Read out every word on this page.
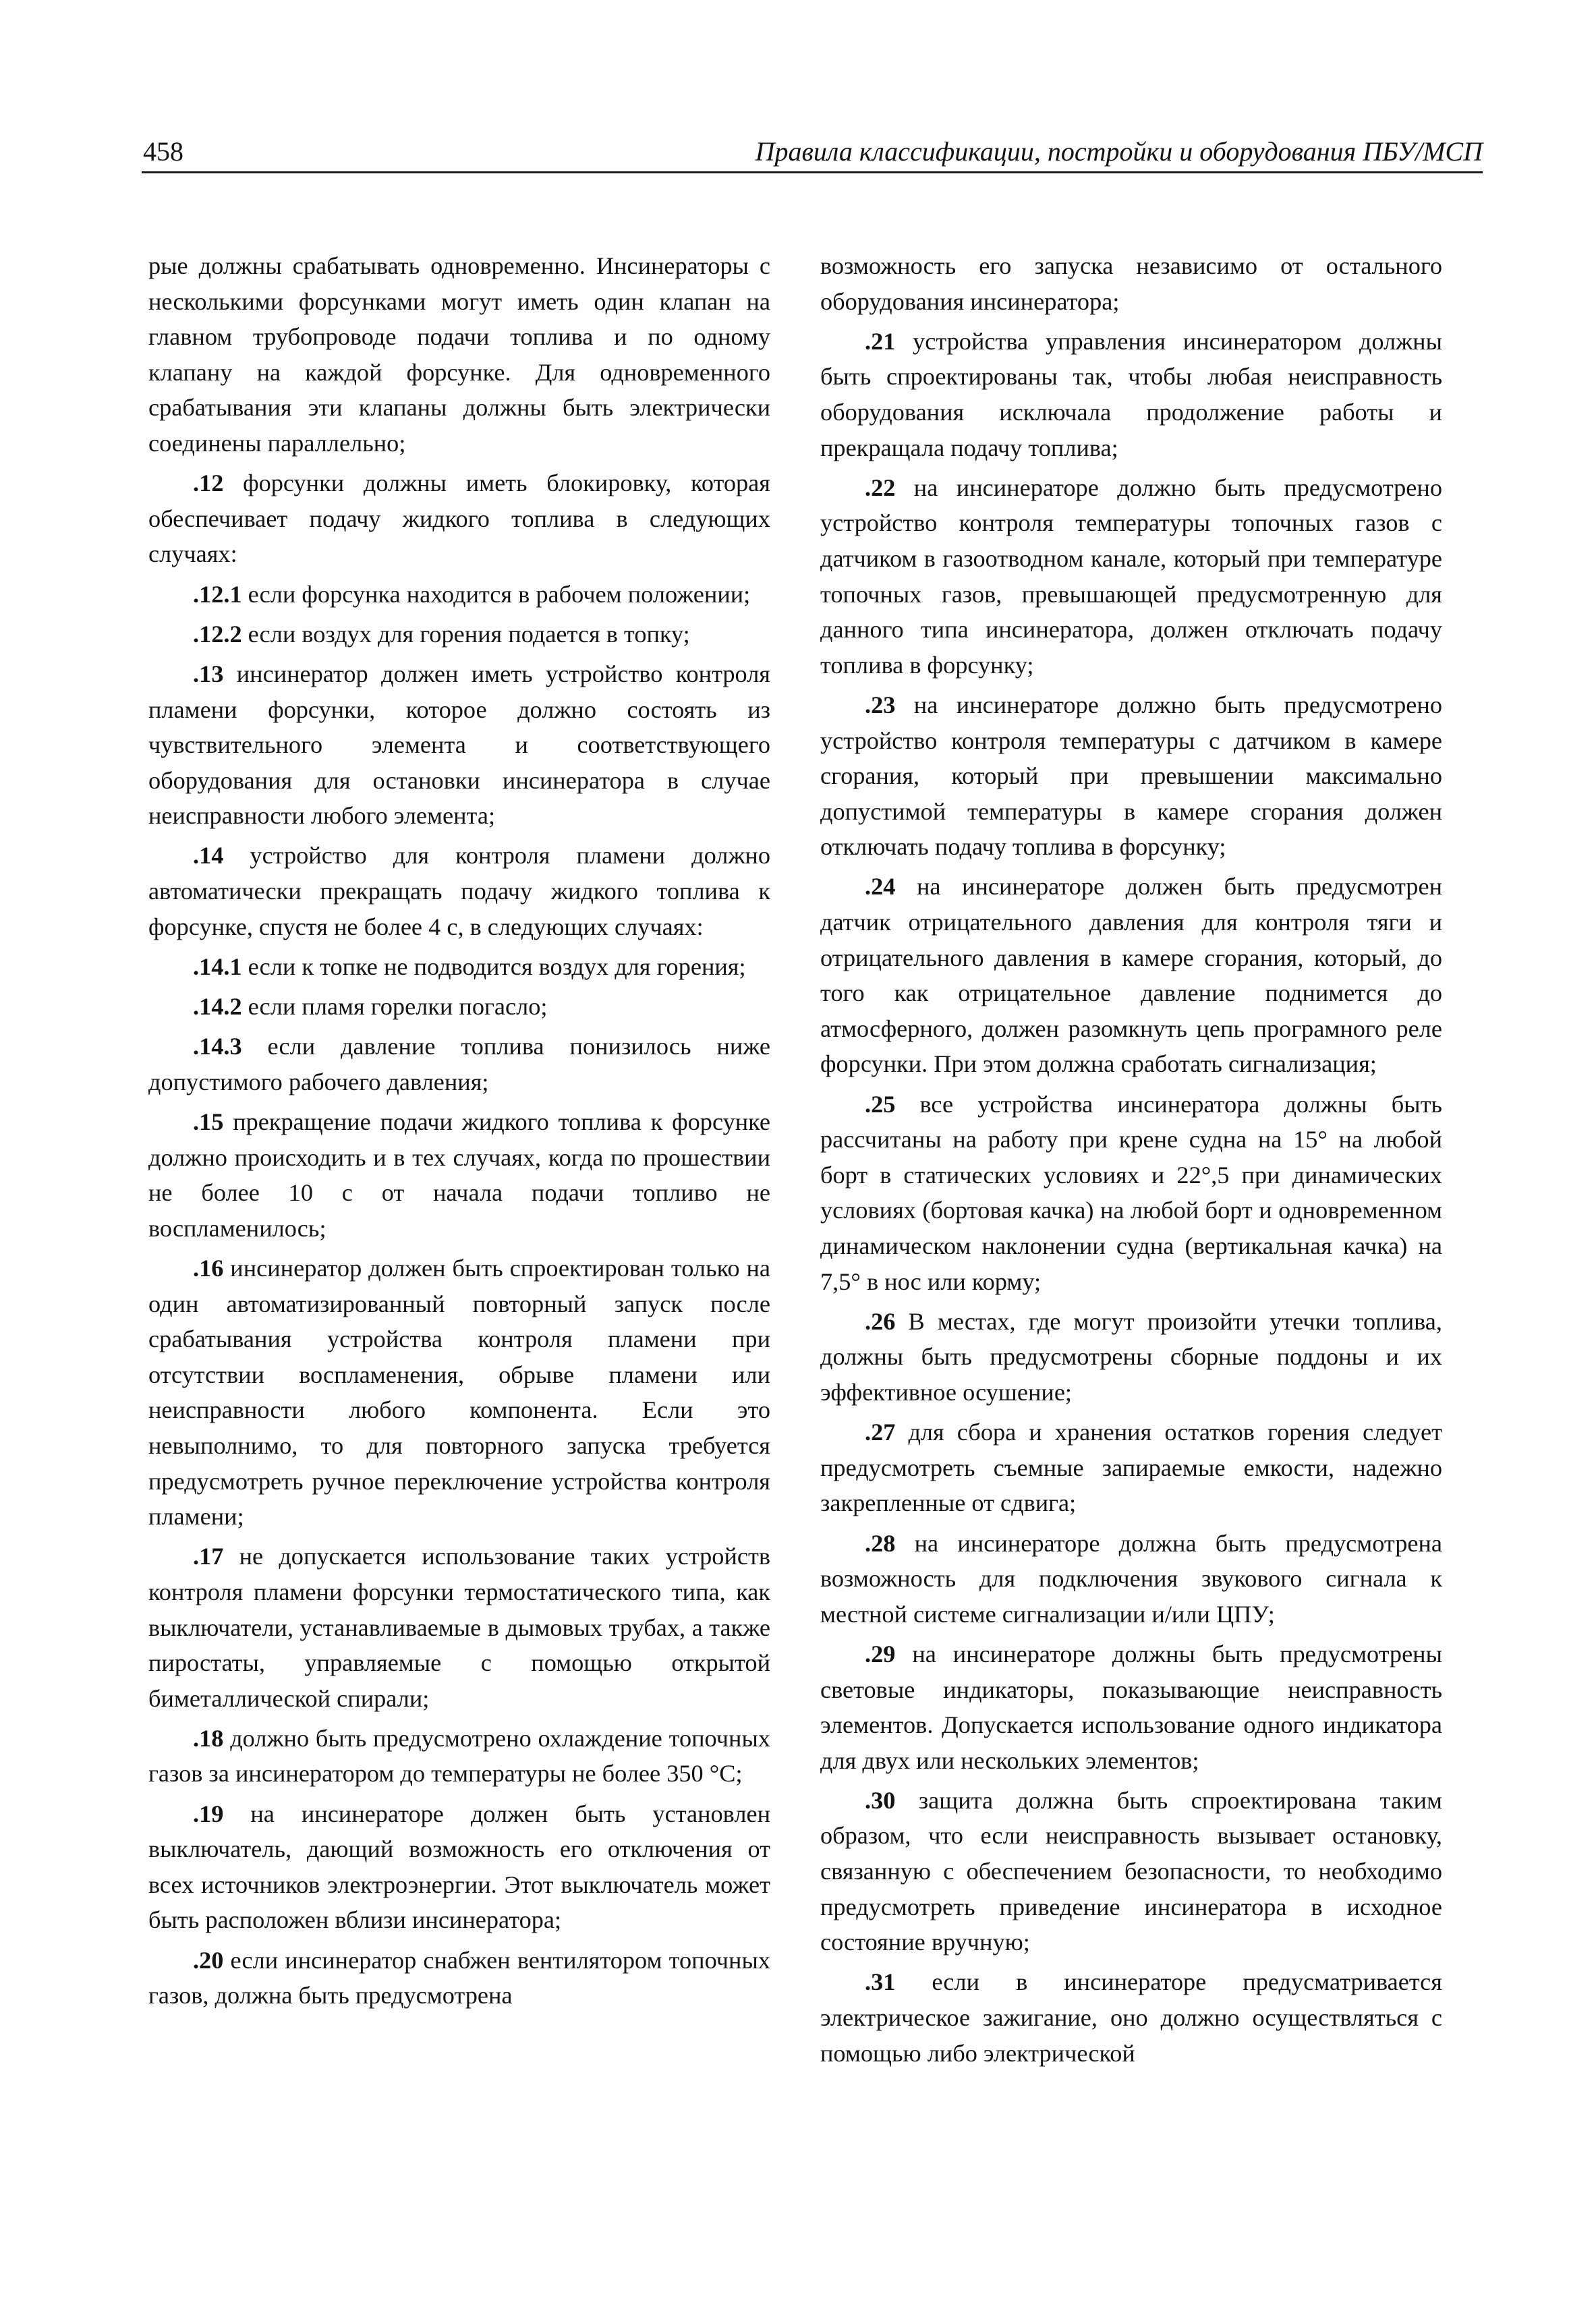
458	Правила классификации, постройки и оборудования ПБУ/МСП

рые должны срабатывать одновременно. Инсинераторы с несколькими форсунками могут иметь один клапан на главном трубопроводе подачи топлива и по одному клапану на каждой форсунке. Для одновременного срабатывания эти клапаны должны быть электрически соединены параллельно;

.12 форсунки должны иметь блокировку, которая обеспечивает подачу жидкого топлива в следующих случаях:

.12.1 если форсунка находится в рабочем положении;

.12.2 если воздух для горения подается в топку;

.13 инсинератор должен иметь устройство контроля пламени форсунки, которое должно состоять из чувствительного элемента и соответствующего оборудования для остановки инсинератора в случае неисправности любого элемента;

.14 устройство для контроля пламени должно автоматически прекращать подачу жидкого топлива к форсунке, спустя не более 4 с, в следующих случаях:

.14.1 если к топке не подводится воздух для горения;

.14.2 если пламя горелки погасло;

.14.3 если давление топлива понизилось ниже допустимого рабочего давления;

.15 прекращение подачи жидкого топлива к форсунке должно происходить и в тех случаях, когда по прошествии не более 10 с от начала подачи топливо не воспламенилось;

.16 инсинератор должен быть спроектирован только на один автоматизированный повторный запуск после срабатывания устройства контроля пламени при отсутствии воспламенения, обрыве пламени или неисправности любого компонента. Если это невыполнимо, то для повторного запуска требуется предусмотреть ручное переключение устройства контроля пламени;

.17 не допускается использование таких устройств контроля пламени форсунки термостатического типа, как выключатели, устанавливаемые в дымовых трубах, а также пиростаты, управляемые с помощью открытой биметаллической спирали;

.18 должно быть предусмотрено охлаждение топочных газов за инсинератором до температуры не более 350 °С;

.19 на инсинераторе должен быть установлен выключатель, дающий возможность его отключения от всех источников электроэнергии. Этот выключатель может быть расположен вблизи инсинератора;

.20 если инсинератор снабжен вентилятором топочных газов, должна быть предусмотрена

возможность его запуска независимо от остального оборудования инсинератора;

.21 устройства управления инсинератором должны быть спроектированы так, чтобы любая неисправность оборудования исключала продолжение работы и прекращала подачу топлива;

.22 на инсинераторе должно быть предусмотрено устройство контроля температуры топочных газов с датчиком в газоотводном канале, который при температуре топочных газов, превышающей предусмотренную для данного типа инсинератора, должен отключать подачу топлива в форсунку;

.23 на инсинераторе должно быть предусмотрено устройство контроля температуры с датчиком в камере сгорания, который при превышении максимально допустимой температуры в камере сгорания должен отключать подачу топлива в форсунку;

.24 на инсинераторе должен быть предусмотрен датчик отрицательного давления для контроля тяги и отрицательного давления в камере сгорания, который, до того как отрицательное давление поднимется до атмосферного, должен разомкнуть цепь програмного реле форсунки. При этом должна сработать сигнализация;

.25 все устройства инсинератора должны быть рассчитаны на работу при крене судна на 15° на любой борт в статических условиях и 22°,5 при динамических условиях (бортовая качка) на любой борт и одновременном динамическом наклонении судна (вертикальная качка) на 7,5° в нос или корму;

.26 В местах, где могут произойти утечки топлива, должны быть предусмотрены сборные поддоны и их эффективное осушение;

.27 для сбора и хранения остатков горения следует предусмотреть съемные запираемые емкости, надежно закрепленные от сдвига;

.28 на инсинераторе должна быть предусмотрена возможность для подключения звукового сигнала к местной системе сигнализации и/или ЦПУ;

.29 на инсинераторе должны быть предусмотрены световые индикаторы, показывающие неисправность элементов. Допускается использование одного индикатора для двух или нескольких элементов;

.30 защита должна быть спроектирована таким образом, что если неисправность вызывает остановку, связанную с обеспечением безопасности, то необходимо предусмотреть приведение инсинератора в исходное состояние вручную;

.31 если в инсинераторе предусматривается электрическое зажигание, оно должно осуществляться с помощью либо электрической
